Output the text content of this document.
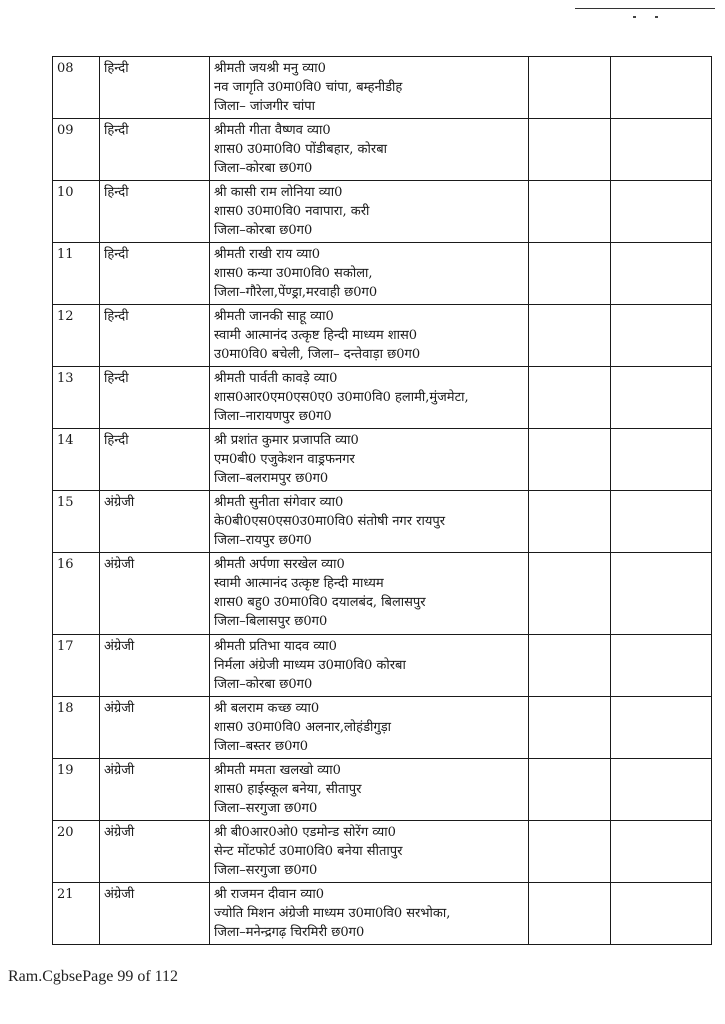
08	हिन्दी	श्रीमती जयश्री मनु व्या0
नव जागृति उ0मा0वि0 चांपा, बम्हनीडीह
जिला– जांजगीर चांपा		

09	हिन्दी	श्रीमती गीता वैष्णव व्या0
शास0 उ0मा0वि0 पोंडीबहार, कोरबा
जिला–कोरबा छ0ग0		

10	हिन्दी	श्री कासी राम लोनिया व्या0
शास0 उ0मा0वि0 नवापारा, करी
जिला–कोरबा छ0ग0		

11	हिन्दी	श्रीमती राखी राय व्या0
शास0 कन्या उ0मा0वि0 सकोला,
जिला–गौरेला,पेंण्ड्रा,मरवाही छ0ग0		

12	हिन्दी	श्रीमती जानकी साहू व्या0
स्वामी आत्मानंद उत्कृष्ट हिन्दी माध्यम शास0
उ0मा0वि0 बचेली, जिला– दन्तेवाड़ा छ0ग0		

13	हिन्दी	श्रीमती पार्वती कावड़े व्या0
शास0आर0एम0एस0ए0 उ0मा0वि0 हलामी,मुंजमेटा,
जिला–नारायणपुर छ0ग0		

14	हिन्दी	श्री प्रशांत कुमार प्रजापति व्या0
एम0बी0 एजुकेशन वाड्रफनगर
जिला–बलरामपुर छ0ग0		

15	अंग्रेजी	श्रीमती सुनीता संगेवार व्या0
के0बी0एस0एस0उ0मा0वि0 संतोषी नगर रायपुर
जिला–रायपुर छ0ग0		

16	अंग्रेजी	श्रीमती अर्पणा सरखेल व्या0
स्वामी आत्मानंद उत्कृष्ट हिन्दी माध्यम
शास0 बहु0 उ0मा0वि0 दयालबंद, बिलासपुर
जिला–बिलासपुर छ0ग0		

17	अंग्रेजी	श्रीमती प्रतिभा यादव व्या0
निर्मला अंग्रेजी माध्यम उ0मा0वि0 कोरबा
जिला–कोरबा छ0ग0		

18	अंग्रेजी	श्री बलराम कच्छ व्या0
शास0 उ0मा0वि0 अलनार,लोहंडीगुड़ा
जिला–बस्तर छ0ग0		

19	अंग्रेजी	श्रीमती ममता खलखो व्या0
शास0 हाईस्कूल बनेया, सीतापुर
जिला–सरगुजा छ0ग0		

20	अंग्रेजी	श्री बी0आर0ओ0 एडमोन्ड सोरेंग व्या0
सेन्ट मोंटफोर्ट उ0मा0वि0 बनेया सीतापुर
जिला–सरगुजा छ0ग0		

21	अंग्रेजी	श्री राजमन दीवान व्या0
ज्योति मिशन अंग्रेजी माध्यम उ0मा0वि0 सरभोका,
जिला–मनेन्द्रगढ़ चिरमिरी छ0ग0		

Ram.CgbsePage 99 of 112
